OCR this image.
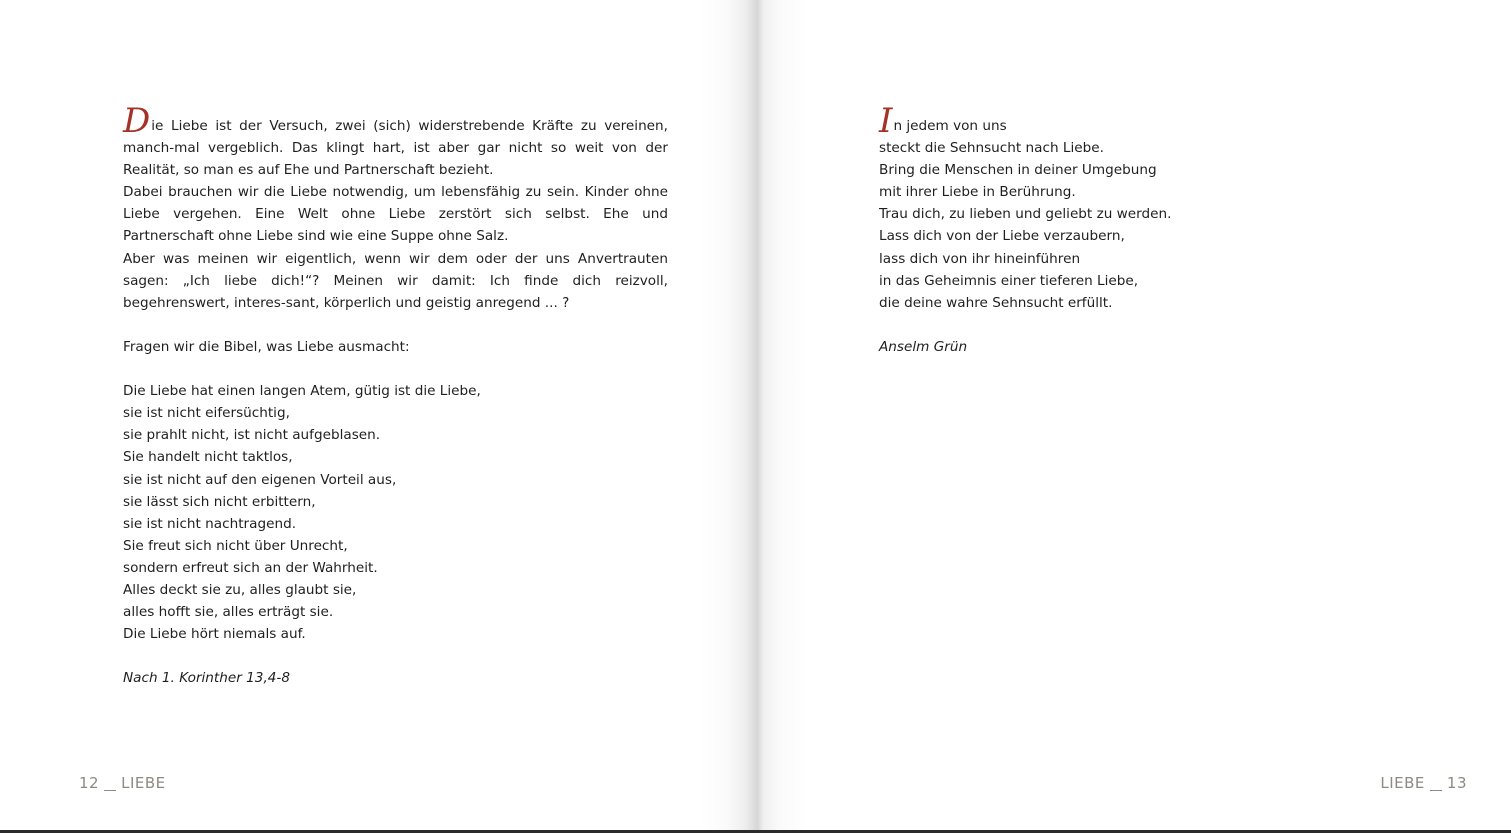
Die Liebe ist der Versuch, zwei (sich) widerstrebende Kräfte zu vereinen, manch-mal vergeblich. Das klingt hart, ist aber gar nicht so weit von der Realität, so man es auf Ehe und Partnerschaft bezieht.

Dabei brauchen wir die Liebe notwendig, um lebensfähig zu sein. Kinder ohne Liebe vergehen. Eine Welt ohne Liebe zerstört sich selbst. Ehe und Partnerschaft ohne Liebe sind wie eine Suppe ohne Salz.

Aber was meinen wir eigentlich, wenn wir dem oder der uns Anvertrauten sagen: „Ich liebe dich!“? Meinen wir damit: Ich finde dich reizvoll, begehrenswert, interes-sant, körperlich und geistig anregend ... ?

Fragen wir die Bibel, was Liebe ausmacht:
Die Liebe hat einen langen Atem, gütig ist die Liebe,
sie ist nicht eifersüchtig,
sie prahlt nicht, ist nicht aufgeblasen.
Sie handelt nicht taktlos,
sie ist nicht auf den eigenen Vorteil aus,
sie lässt sich nicht erbittern,
sie ist nicht nachtragend.
Sie freut sich nicht über Unrecht,
sondern erfreut sich an der Wahrheit.
Alles deckt sie zu, alles glaubt sie,
alles hofft sie, alles erträgt sie.
Die Liebe hört niemals auf.
Nach 1. Korinther 13,4-8
12 LIEBE
In jedem von uns
steckt die Sehnsucht nach Liebe.
Bring die Menschen in deiner Umgebung
mit ihrer Liebe in Berührung.
Trau dich, zu lieben und geliebt zu werden.
Lass dich von der Liebe verzaubern,
lass dich von ihr hineinführen
in das Geheimnis einer tieferen Liebe,
die deine wahre Sehnsucht erfüllt.
Anselm Grün
LIEBE 13
